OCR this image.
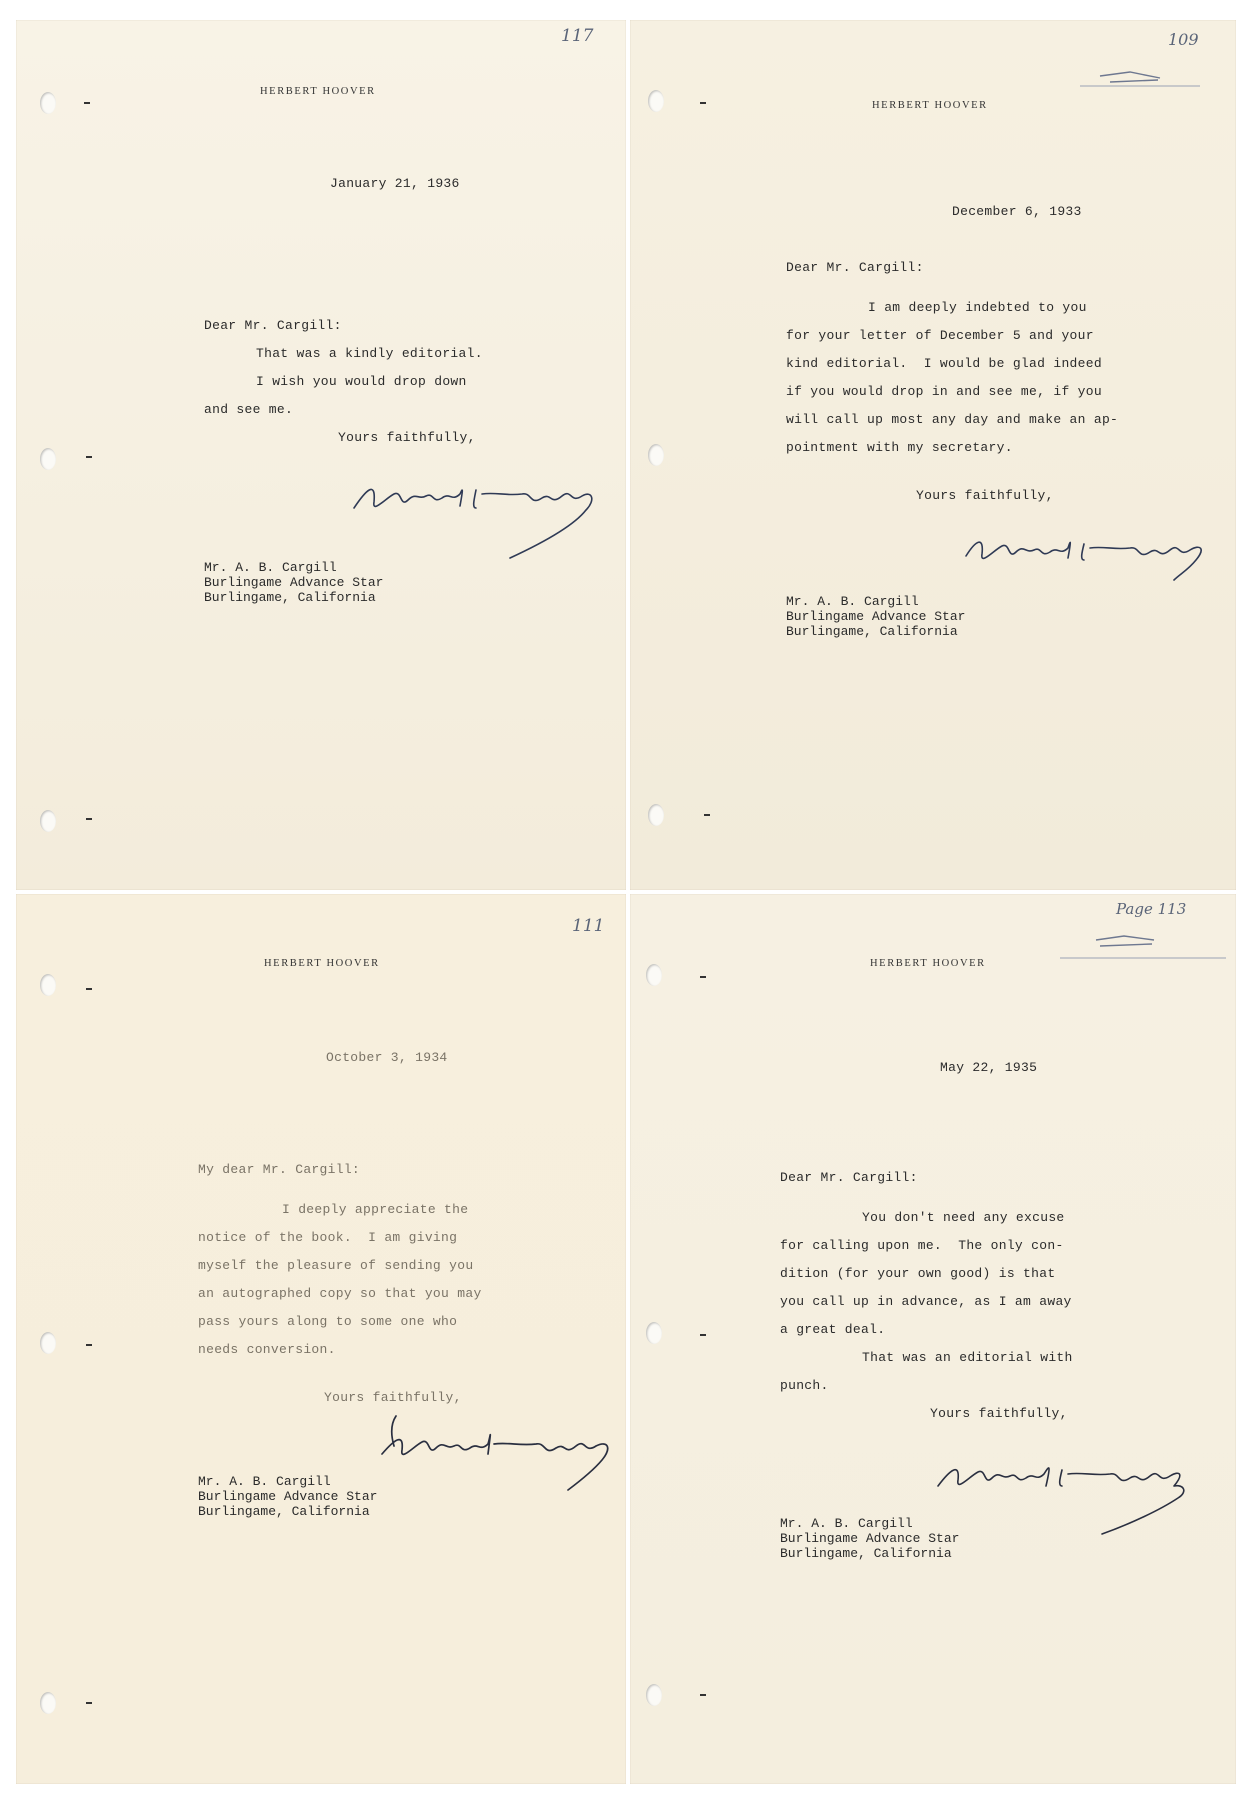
117
HERBERT HOOVER
January 21, 1936
Dear Mr. Cargill:
That was a kindly editorial.
I wish you would drop down
and see me.
Yours faithfully,
Mr. A. B. Cargill
Burlingame Advance Star
Burlingame, California
109
HERBERT HOOVER
December 6, 1933
Dear Mr. Cargill:
I am deeply indebted to you
for your letter of December 5 and your
kind editorial.  I would be glad indeed
if you would drop in and see me, if you
will call up most any day and make an ap-
pointment with my secretary.
Yours faithfully,
Mr. A. B. Cargill
Burlingame Advance Star
Burlingame, California
111
HERBERT HOOVER
October 3, 1934
My dear Mr. Cargill:
I deeply appreciate the
notice of the book.  I am giving
myself the pleasure of sending you
an autographed copy so that you may
pass yours along to some one who
needs conversion.
Yours faithfully,
Mr. A. B. Cargill
Burlingame Advance Star
Burlingame, California
Page 113
HERBERT HOOVER
May 22, 1935
Dear Mr. Cargill:
You don't need any excuse
for calling upon me.  The only con-
dition (for your own good) is that
you call up in advance, as I am away
a great deal.
That was an editorial with
punch.
Yours faithfully,
Mr. A. B. Cargill
Burlingame Advance Star
Burlingame, California
